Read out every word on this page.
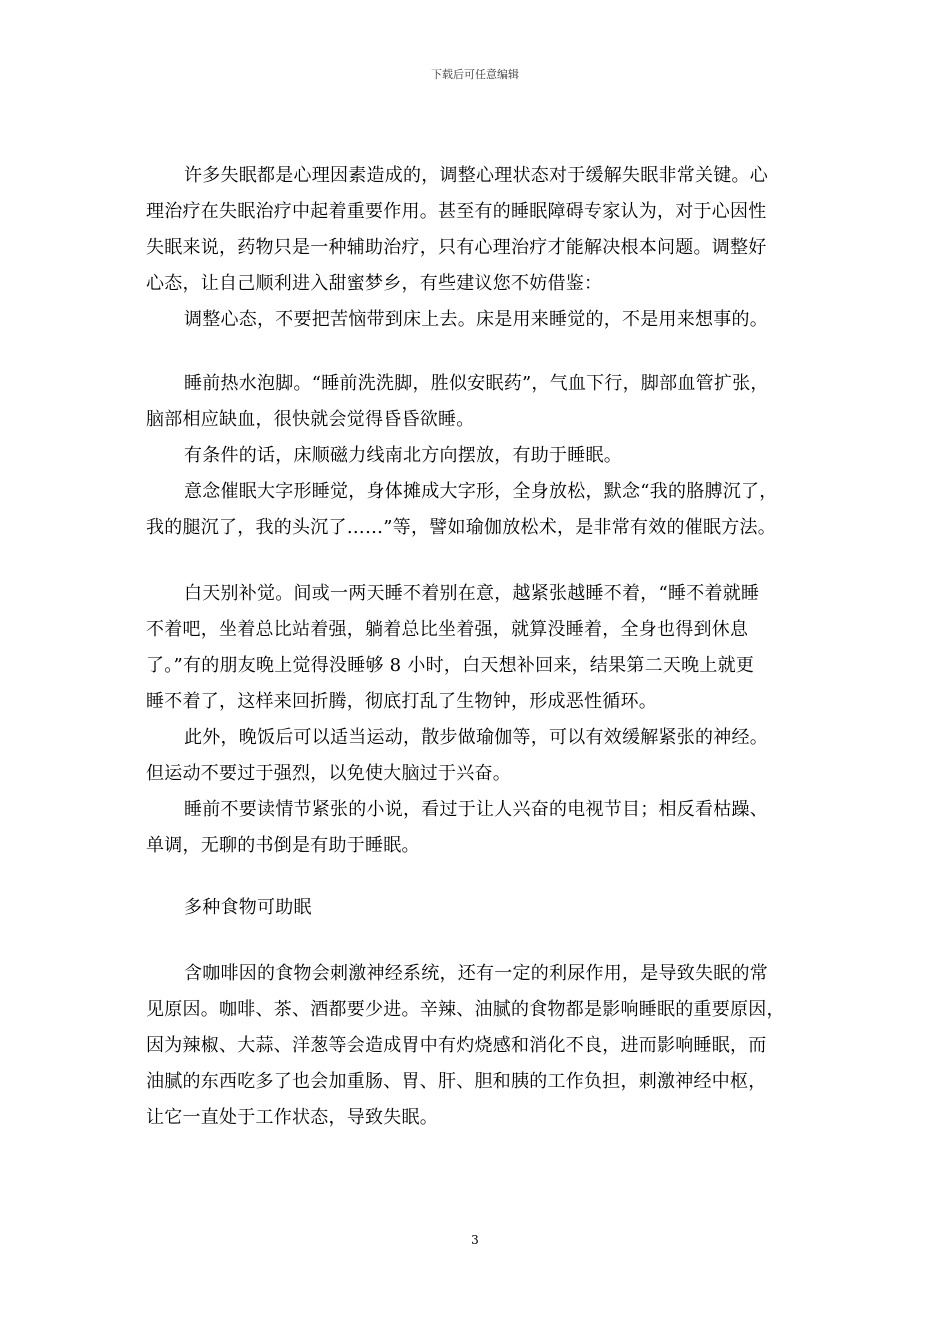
下载后可任意编辑
许多失眠都是心理因素造成的，调整心理状态对于缓解失眠非常关键。心
理治疗在失眠治疗中起着重要作用。甚至有的睡眠障碍专家认为，对于心因性
失眠来说，药物只是一种辅助治疗，只有心理治疗才能解决根本问题。调整好
心态，让自己顺利进入甜蜜梦乡，有些建议您不妨借鉴：
调整心态，不要把苦恼带到床上去。床是用来睡觉的，不是用来想事的。
睡前热水泡脚。“睡前洗洗脚，胜似安眠药”，气血下行，脚部血管扩张，
脑部相应缺血，很快就会觉得昏昏欲睡。
有条件的话，床顺磁力线南北方向摆放，有助于睡眠。
意念催眠大字形睡觉，身体摊成大字形，全身放松，默念“我的胳膊沉了，
我的腿沉了，我的头沉了……”等，譬如瑜伽放松术，是非常有效的催眠方法。
白天别补觉。间或一两天睡不着别在意，越紧张越睡不着，“睡不着就睡
不着吧，坐着总比站着强，躺着总比坐着强，就算没睡着，全身也得到休息
了。”有的朋友晚上觉得没睡够 8 小时，白天想补回来，结果第二天晚上就更
睡不着了，这样来回折腾，彻底打乱了生物钟，形成恶性循环。
此外，晚饭后可以适当运动，散步做瑜伽等，可以有效缓解紧张的神经。
但运动不要过于强烈，以免使大脑过于兴奋。
睡前不要读情节紧张的小说，看过于让人兴奋的电视节目；相反看枯躁、
单调，无聊的书倒是有助于睡眠。
多种食物可助眠
含咖啡因的食物会刺激神经系统，还有一定的利尿作用，是导致失眠的常
见原因。咖啡、茶、酒都要少进。辛辣、油腻的食物都是影响睡眠的重要原因，
因为辣椒、大蒜、洋葱等会造成胃中有灼烧感和消化不良，进而影响睡眠，而
油腻的东西吃多了也会加重肠、胃、肝、胆和胰的工作负担，刺激神经中枢，
让它一直处于工作状态，导致失眠。
3
